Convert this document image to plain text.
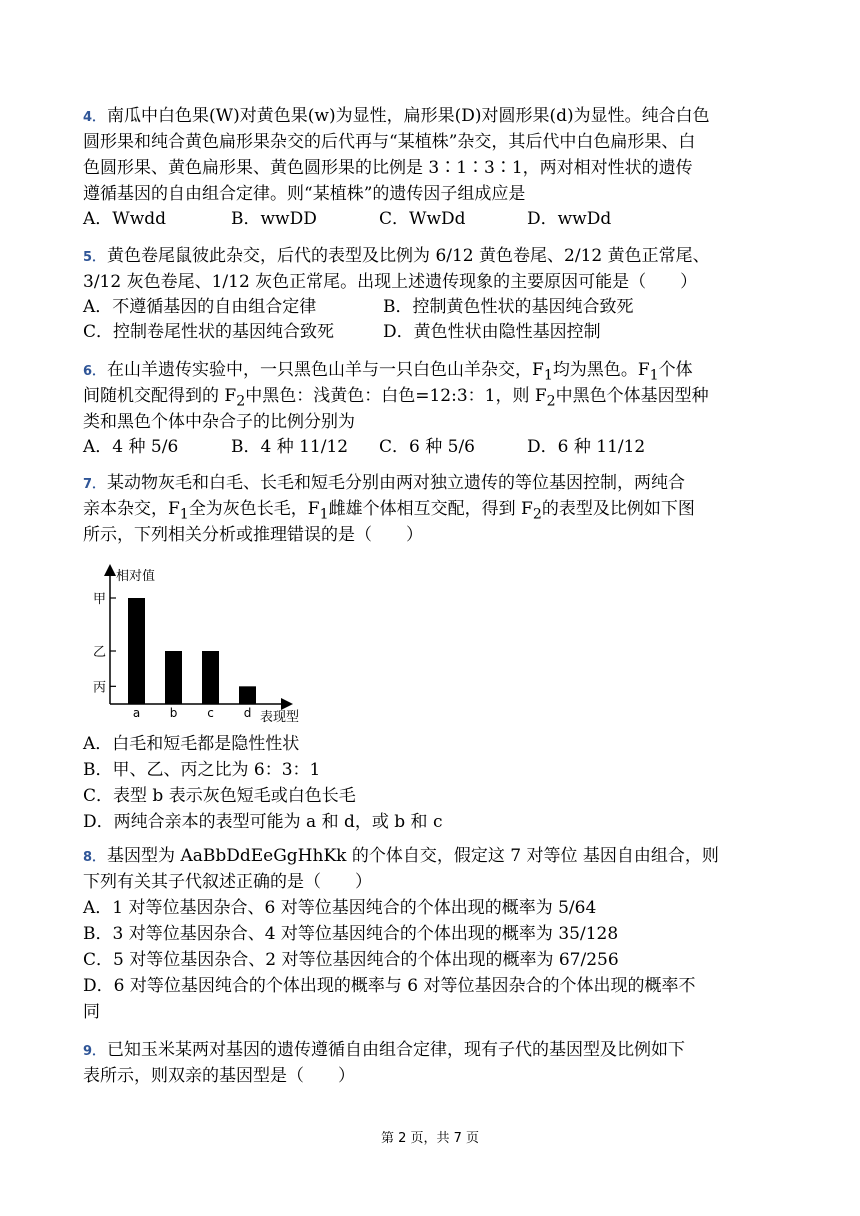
4． 南瓜中白色果(W)对黄色果(w)为显性，扁形果(D)对圆形果(d)为显性。纯合白色
圆形果和纯合黄色扁形果杂交的后代再与“某植株”杂交，其后代中白色扁形果、白
色圆形果、黄色扁形果、黄色圆形果的比例是 3∶1∶3∶1，两对相对性状的遗传
遵循基因的自由组合定律。则“某植株”的遗传因子组成应是
A．Wwdd	B．wwDD	C．WwDd	D．wwDd
5． 黄色卷尾鼠彼此杂交，后代的表型及比例为 6/12 黄色卷尾、2/12 黄色正常尾、
3/12 灰色卷尾、1/12 灰色正常尾。出现上述遗传现象的主要原因可能是（　　）
A．不遵循基因的自由组合定律	B．控制黄色性状的基因纯合致死
C．控制卷尾性状的基因纯合致死	D．黄色性状由隐性基因控制
6． 在山羊遗传实验中，一只黑色山羊与一只白色山羊杂交，$F_1$均为黑色。$F_1$个体
间随机交配得到的 $F_2$中黑色：浅黄色：白色=12:3：1，则 $F_2$中黑色个体基因型种
类和黑色个体中杂合子的比例分别为
A．4 种 5/6	B．4 种 11/12 C．6 种 5/6	D．6 种 11/12
7． 某动物灰毛和白毛、长毛和短毛分别由两对独立遗传的等位基因控制，两纯合
亲本杂交，$F_1$全为灰色长毛，$F_1$雌雄个体相互交配，得到 $F_2$的表型及比例如下图
所示，下列相关分析或推理错误的是（　　）
相对值
表现型
a b c d
甲
乙
丙
A．白毛和短毛都是隐性性状
B．甲、乙、丙之比为 6：3：1
C．表型 b 表示灰色短毛或白色长毛
D．两纯合亲本的表型可能为 a 和 d，或 b 和 c
8． 基因型为 AaBbDdEeGgHhKk 的个体自交，假定这 7 对等位 基因自由组合，则
下列有关其子代叙述正确的是（　　）
A．1 对等位基因杂合、6 对等位基因纯合的个体出现的概率为 5/64
B．3 对等位基因杂合、4 对等位基因纯合的个体出现的概率为 35/128
C．5 对等位基因杂合、2 对等位基因纯合的个体出现的概率为 67/256
D．6 对等位基因纯合的个体出现的概率与 6 对等位基因杂合的个体出现的概率不
同
9． 已知玉米某两对基因的遗传遵循自由组合定律，现有子代的基因型及比例如下
表所示，则双亲的基因型是（　　）
第 2 页，共 7 页
